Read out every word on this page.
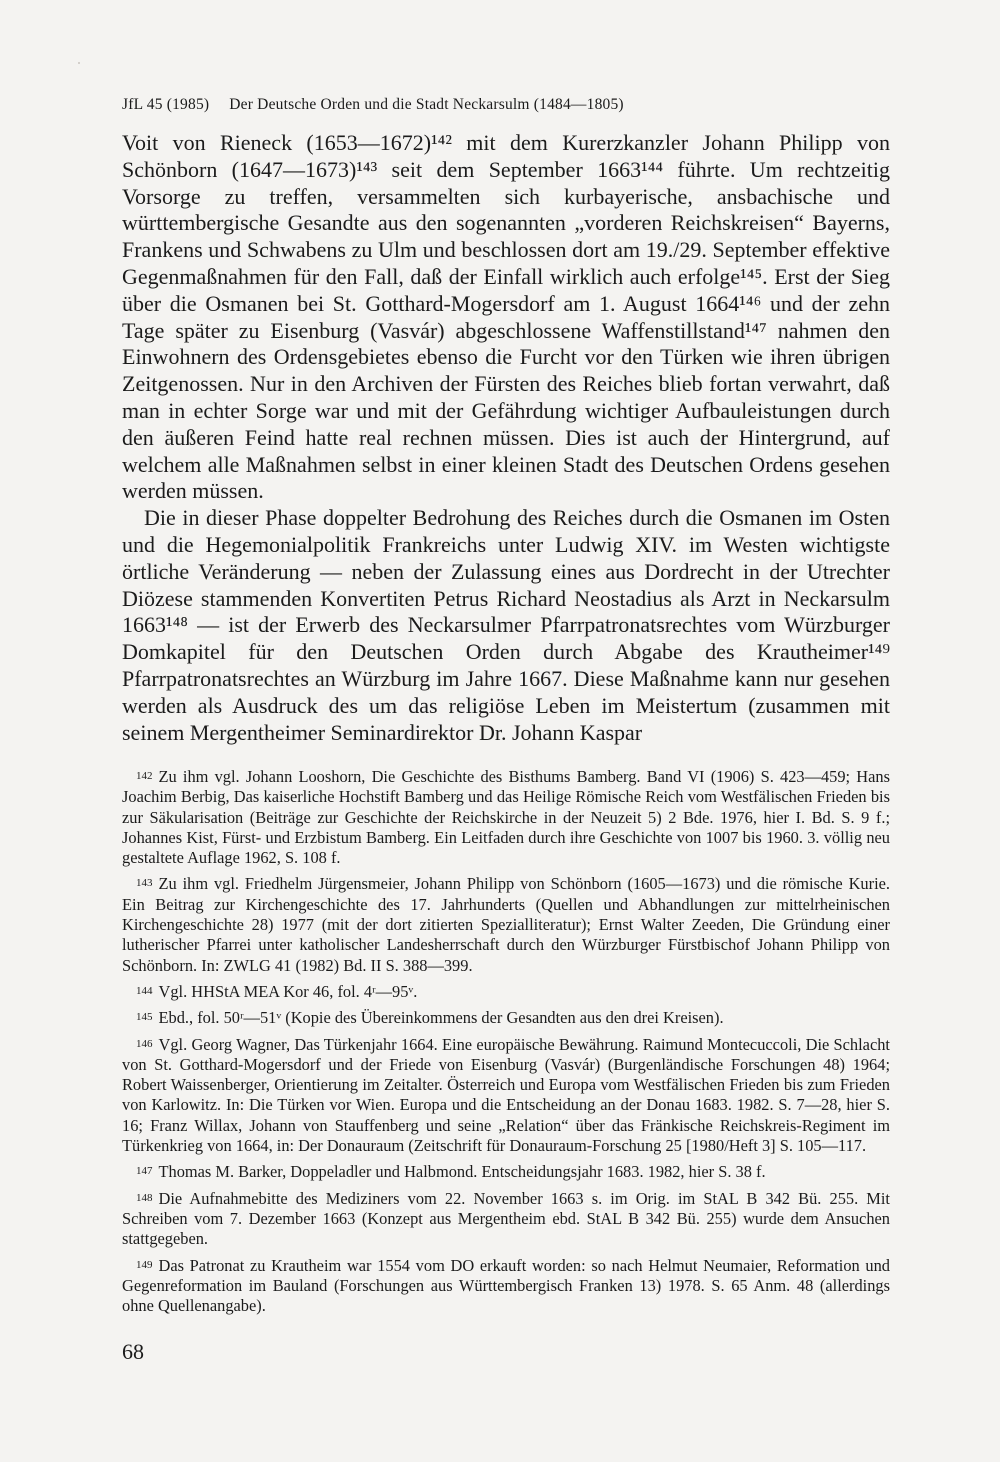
JfL 45 (1985) Der Deutsche Orden und die Stadt Neckarsulm (1484—1805)

Voit von Rieneck (1653—1672)¹⁴² mit dem Kurerzkanzler Johann Philipp von Schönborn (1647—1673)¹⁴³ seit dem September 1663¹⁴⁴ führte. Um rechtzeitig Vorsorge zu treffen, versammelten sich kurbayerische, ansbachische und württembergische Gesandte aus den sogenannten „vorderen Reichskreisen“ Bayerns, Frankens und Schwabens zu Ulm und beschlossen dort am 19./29. September effektive Gegenmaßnahmen für den Fall, daß der Einfall wirklich auch erfolge¹⁴⁵. Erst der Sieg über die Osmanen bei St. Gotthard-Mogersdorf am 1. August 1664¹⁴⁶ und der zehn Tage später zu Eisenburg (Vasvár) abgeschlossene Waffenstillstand¹⁴⁷ nahmen den Einwohnern des Ordensgebietes ebenso die Furcht vor den Türken wie ihren übrigen Zeitgenossen. Nur in den Archiven der Fürsten des Reiches blieb fortan verwahrt, daß man in echter Sorge war und mit der Gefährdung wichtiger Aufbauleistungen durch den äußeren Feind hatte real rechnen müssen. Dies ist auch der Hintergrund, auf welchem alle Maßnahmen selbst in einer kleinen Stadt des Deutschen Ordens gesehen werden müssen.

Die in dieser Phase doppelter Bedrohung des Reiches durch die Osmanen im Osten und die Hegemonialpolitik Frankreichs unter Ludwig XIV. im Westen wichtigste örtliche Veränderung — neben der Zulassung eines aus Dordrecht in der Utrechter Diözese stammenden Konvertiten Petrus Richard Neostadius als Arzt in Neckarsulm 1663¹⁴⁸ — ist der Erwerb des Neckarsulmer Pfarrpatronatsrechtes vom Würzburger Domkapitel für den Deutschen Orden durch Abgabe des Krautheimer¹⁴⁹ Pfarrpatronatsrechtes an Würzburg im Jahre 1667. Diese Maßnahme kann nur gesehen werden als Ausdruck des um das religiöse Leben im Meistertum (zusammen mit seinem Mergentheimer Seminardirektor Dr. Johann Kaspar

142 Zu ihm vgl. Johann Looshorn, Die Geschichte des Bisthums Bamberg. Band VI (1906) S. 423—459; Hans Joachim Berbig, Das kaiserliche Hochstift Bamberg und das Heilige Römische Reich vom Westfälischen Frieden bis zur Säkularisation (Beiträge zur Geschichte der Reichskirche in der Neuzeit 5) 2 Bde. 1976, hier I. Bd. S. 9 f.; Johannes Kist, Fürst- und Erzbistum Bamberg. Ein Leitfaden durch ihre Geschichte von 1007 bis 1960. 3. völlig neu gestaltete Auflage 1962, S. 108 f.

143 Zu ihm vgl. Friedhelm Jürgensmeier, Johann Philipp von Schönborn (1605—1673) und die römische Kurie. Ein Beitrag zur Kirchengeschichte des 17. Jahrhunderts (Quellen und Abhandlungen zur mittelrheinischen Kirchengeschichte 28) 1977 (mit der dort zitierten Spezialliteratur); Ernst Walter Zeeden, Die Gründung einer lutherischer Pfarrei unter katholischer Landesherrschaft durch den Würzburger Fürstbischof Johann Philipp von Schönborn. In: ZWLG 41 (1982) Bd. II S. 388—399.

144 Vgl. HHStA MEA Kor 46, fol. 4ʳ—95ᵛ.

145 Ebd., fol. 50ʳ—51ᵛ (Kopie des Übereinkommens der Gesandten aus den drei Kreisen).

146 Vgl. Georg Wagner, Das Türkenjahr 1664. Eine europäische Bewährung. Raimund Montecuccoli, Die Schlacht von St. Gotthard-Mogersdorf und der Friede von Eisenburg (Vasvár) (Burgenländische Forschungen 48) 1964; Robert Waissenberger, Orientierung im Zeitalter. Österreich und Europa vom Westfälischen Frieden bis zum Frieden von Karlowitz. In: Die Türken vor Wien. Europa und die Entscheidung an der Donau 1683. 1982. S. 7—28, hier S. 16; Franz Willax, Johann von Stauffenberg und seine „Relation“ über das Fränkische Reichskreis-Regiment im Türkenkrieg von 1664, in: Der Donauraum (Zeitschrift für Donauraum-Forschung 25 [1980/Heft 3] S. 105—117.

147 Thomas M. Barker, Doppeladler und Halbmond. Entscheidungsjahr 1683. 1982, hier S. 38 f.

148 Die Aufnahmebitte des Mediziners vom 22. November 1663 s. im Orig. im StAL B 342 Bü. 255. Mit Schreiben vom 7. Dezember 1663 (Konzept aus Mergentheim ebd. StAL B 342 Bü. 255) wurde dem Ansuchen stattgegeben.

149 Das Patronat zu Krautheim war 1554 vom DO erkauft worden: so nach Helmut Neumaier, Reformation und Gegenreformation im Bauland (Forschungen aus Württembergisch Franken 13) 1978. S. 65 Anm. 48 (allerdings ohne Quellenangabe).

68
